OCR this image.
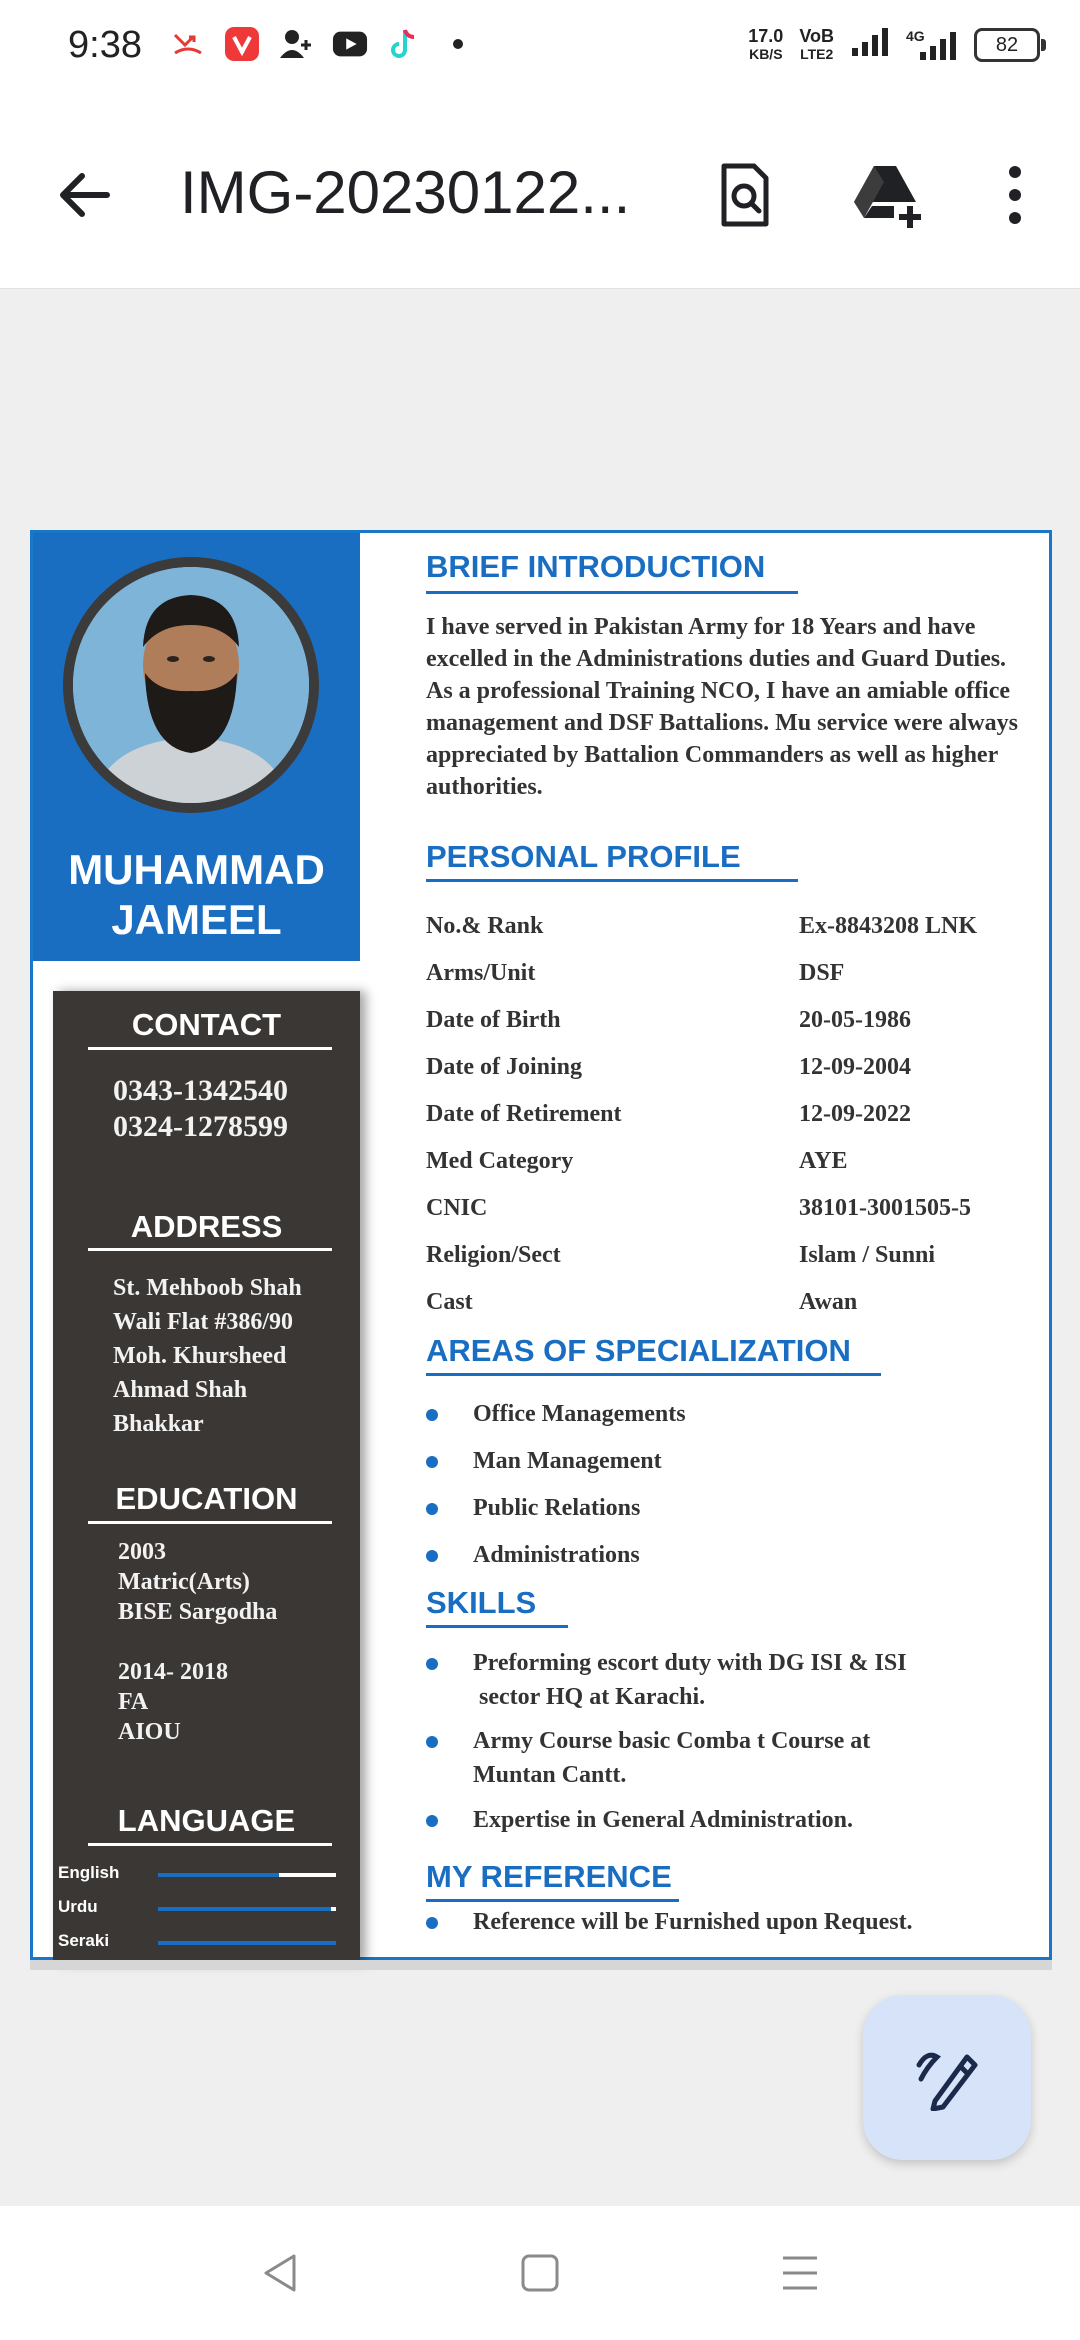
9:38	17.0
KB/S
VoB
LTE2
4G	82
IMG-20230122...
MUHAMMAD
JAMEEL
CONTACT
0343-1342540
0324-1278599
ADDRESS
St. Mehboob Shah
Wali Flat #386/90
Moh. Khursheed
Ahmad Shah
Bhakkar
EDUCATION
2003
Matric(Arts)
BISE Sargodha
2014- 2018
FA
AIOU
LANGUAGE
English
Urdu
Seraki
BRIEF INTRODUCTION
I have served in Pakistan Army for 18 Years and have excelled in the Administrations duties and Guard Duties. As a professional Training NCO, I have an amiable office management and DSF Battalions. Mu service were always appreciated by Battalion Commanders as well as higher authorities.
PERSONAL PROFILE
No.& Rank	Ex-8843208 LNK
Arms/Unit	DSF
Date of Birth	20-05-1986
Date of Joining	12-09-2004
Date of Retirement	12-09-2022
Med Category	AYE
CNIC	38101-3001505-5
Religion/Sect	Islam / Sunni
Cast	Awan
AREAS OF SPECIALIZATION
Office Managements
Man Management
Public Relations
Administrations
SKILLS
Preforming escort duty with DG ISI & ISI
sector HQ at Karachi.
Army Course basic Comba t Course at
Muntan Cantt.
Expertise in General Administration.
MY REFERENCE
Reference will be Furnished upon Request.
